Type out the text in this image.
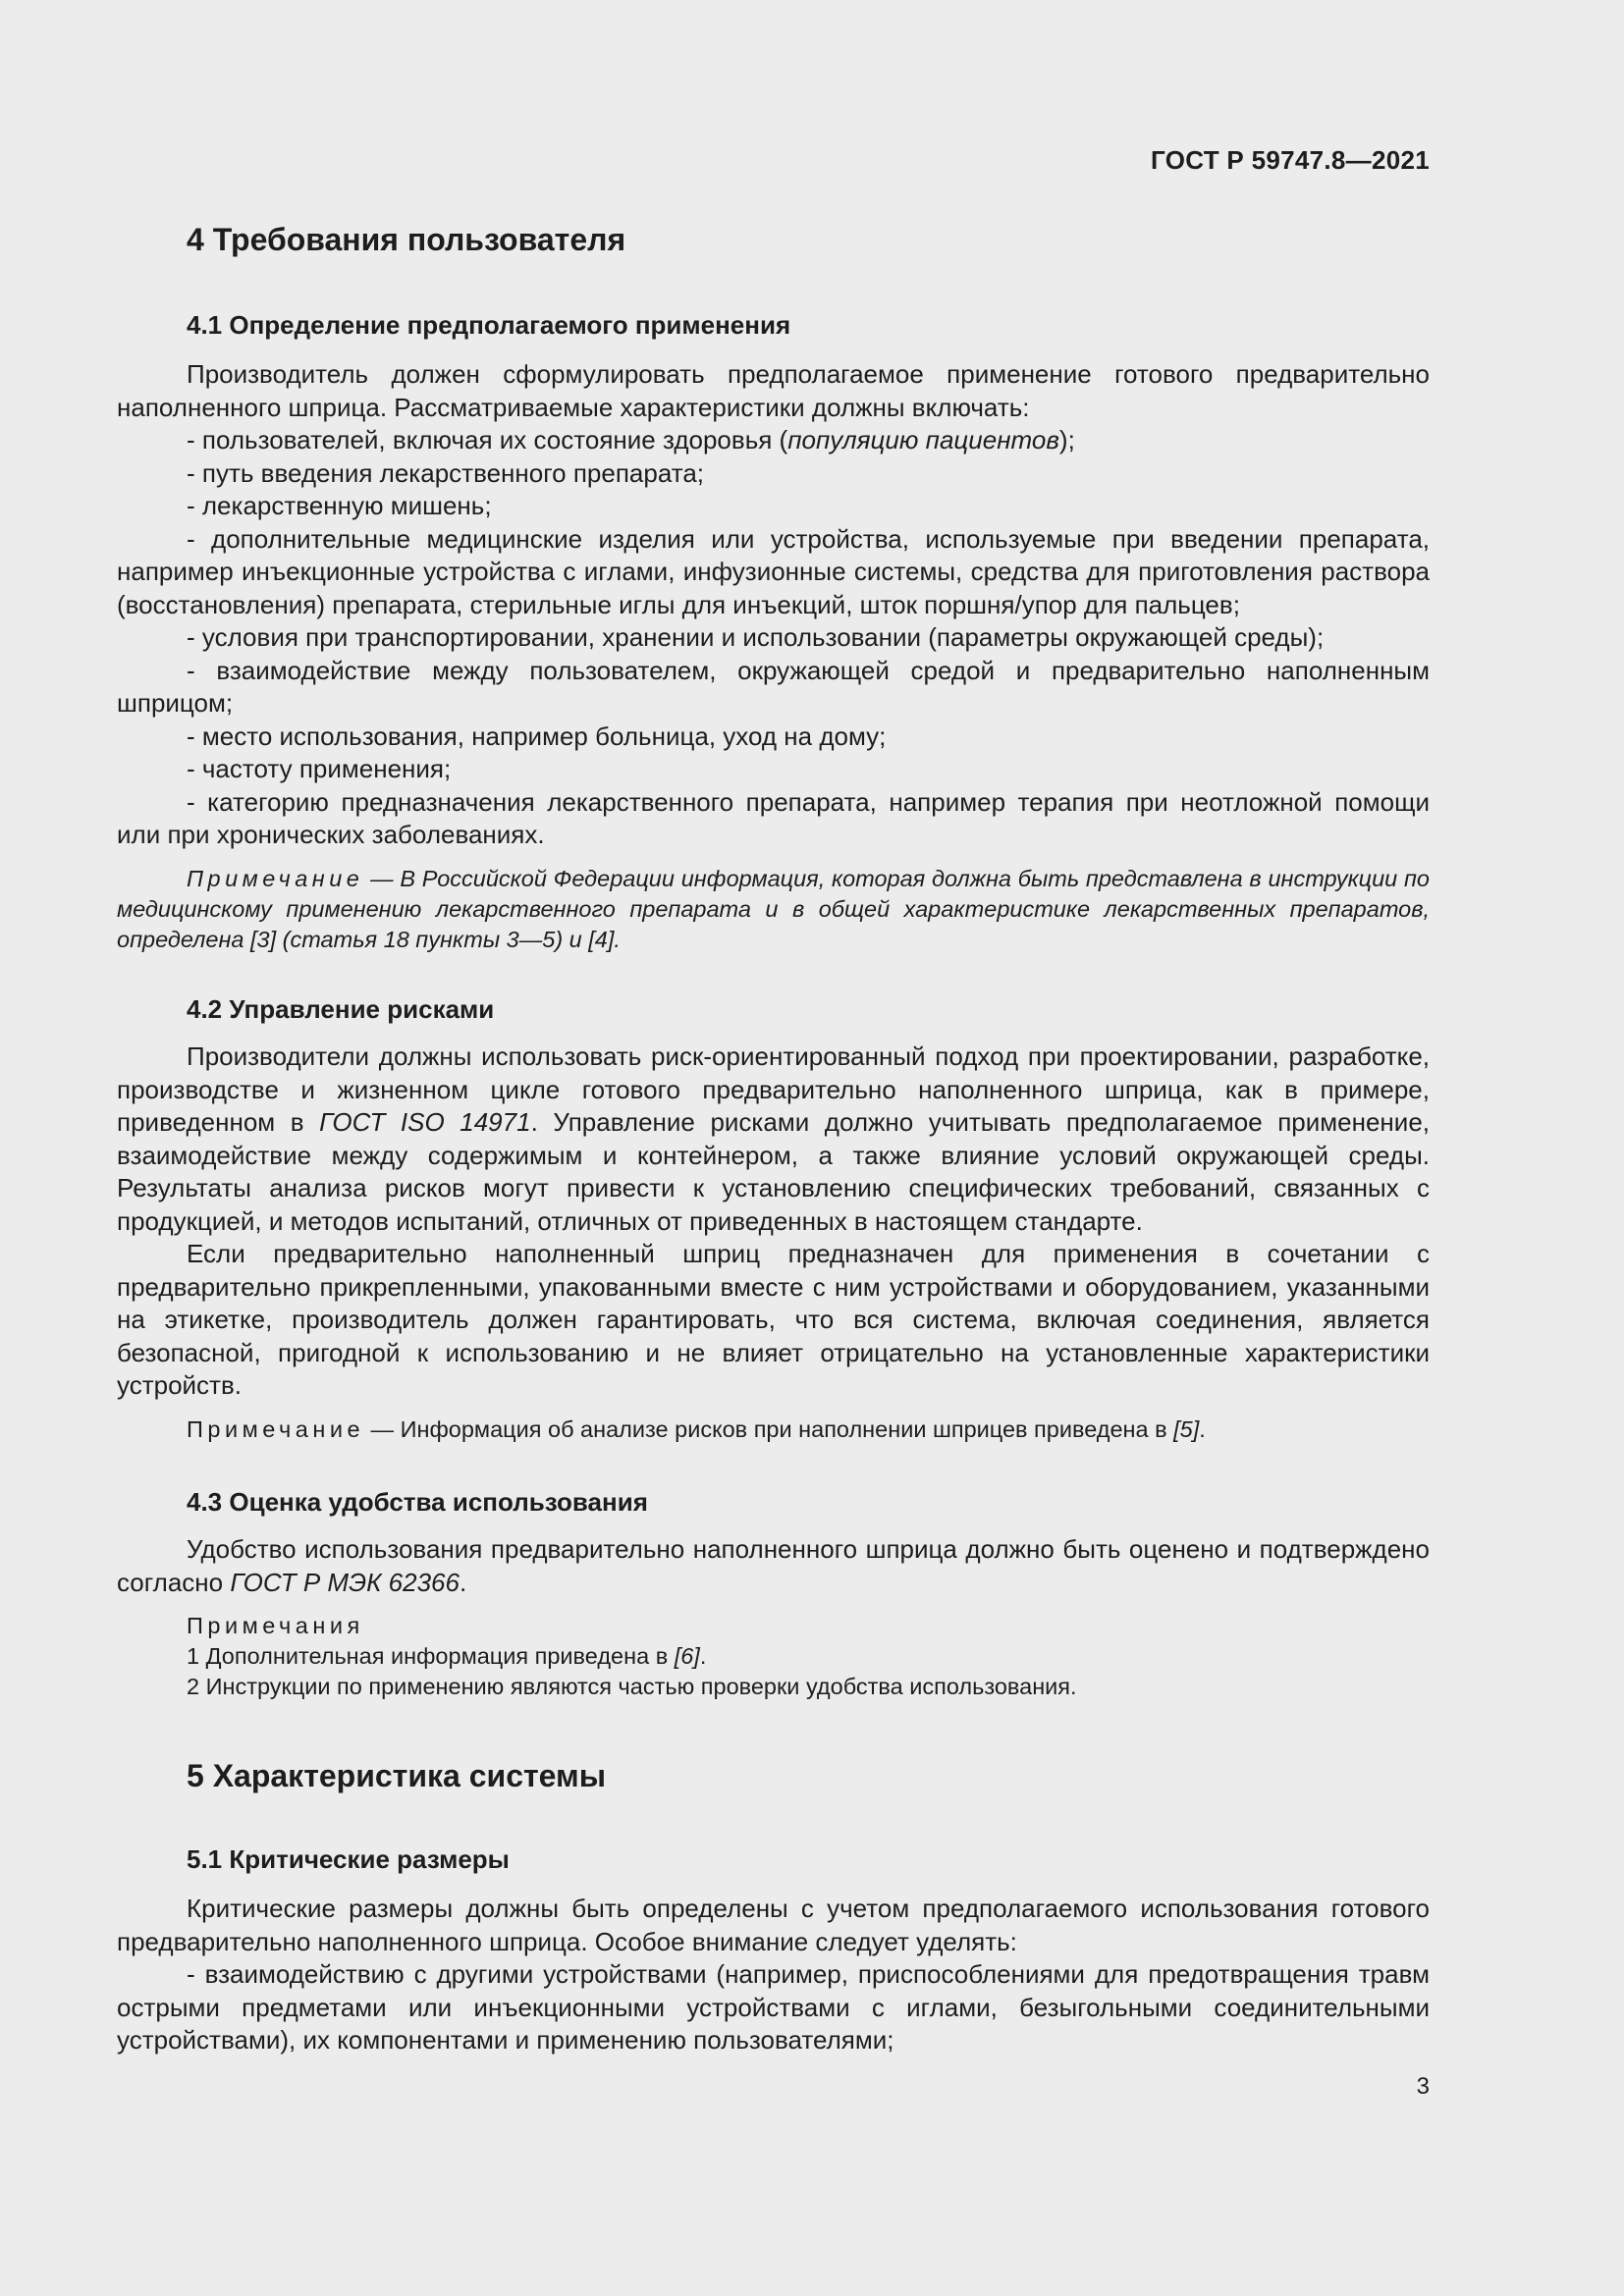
ГОСТ Р 59747.8—2021
4 Требования пользователя
4.1 Определение предполагаемого применения

Производитель должен сформулировать предполагаемое применение готового предварительно наполненного шприца. Рассматриваемые характеристики должны включать:

- пользователей, включая их состояние здоровья (популяцию пациентов);

- путь введения лекарственного препарата;

- лекарственную мишень;

- дополнительные медицинские изделия или устройства, используемые при введении препарата, например инъекционные устройства с иглами, инфузионные системы, средства для приготовления раствора (восстановления) препарата, стерильные иглы для инъекций, шток поршня/упор для пальцев;

- условия при транспортировании, хранении и использовании (параметры окружающей среды);

- взаимодействие между пользователем, окружающей средой и предварительно наполненным шприцом;

- место использования, например больница, уход на дому;

- частоту применения;

- категорию предназначения лекарственного препарата, например терапия при неотложной помощи или при хронических заболеваниях.

Примечание — В Российской Федерации информация, которая должна быть представлена в инструкции по медицинскому применению лекарственного препарата и в общей характеристике лекарственных препаратов, определена [3] (статья 18 пункты 3—5) и [4].

4.2 Управление рисками

Производители должны использовать риск-ориентированный подход при проектировании, разработке, производстве и жизненном цикле готового предварительно наполненного шприца, как в примере, приведенном в ГОСТ ISO 14971. Управление рисками должно учитывать предполагаемое применение, взаимодействие между содержимым и контейнером, а также влияние условий окружающей среды. Результаты анализа рисков могут привести к установлению специфических требований, связанных с продукцией, и методов испытаний, отличных от приведенных в настоящем стандарте.

Если предварительно наполненный шприц предназначен для применения в сочетании с предварительно прикрепленными, упакованными вместе с ним устройствами и оборудованием, указанными на этикетке, производитель должен гарантировать, что вся система, включая соединения, является безопасной, пригодной к использованию и не влияет отрицательно на установленные характеристики устройств.

Примечание — Информация об анализе рисков при наполнении шприцев приведена в [5].

4.3 Оценка удобства использования

Удобство использования предварительно наполненного шприца должно быть оценено и подтверждено согласно ГОСТ Р МЭК 62366.

Примечания
1 Дополнительная информация приведена в [6].
2 Инструкции по применению являются частью проверки удобства использования.
5 Характеристика системы
5.1 Критические размеры

Критические размеры должны быть определены с учетом предполагаемого использования готового предварительно наполненного шприца. Особое внимание следует уделять:

- взаимодействию с другими устройствами (например, приспособлениями для предотвращения травм острыми предметами или инъекционными устройствами с иглами, безыгольными соединительными устройствами), их компонентами и применению пользователями;

3
